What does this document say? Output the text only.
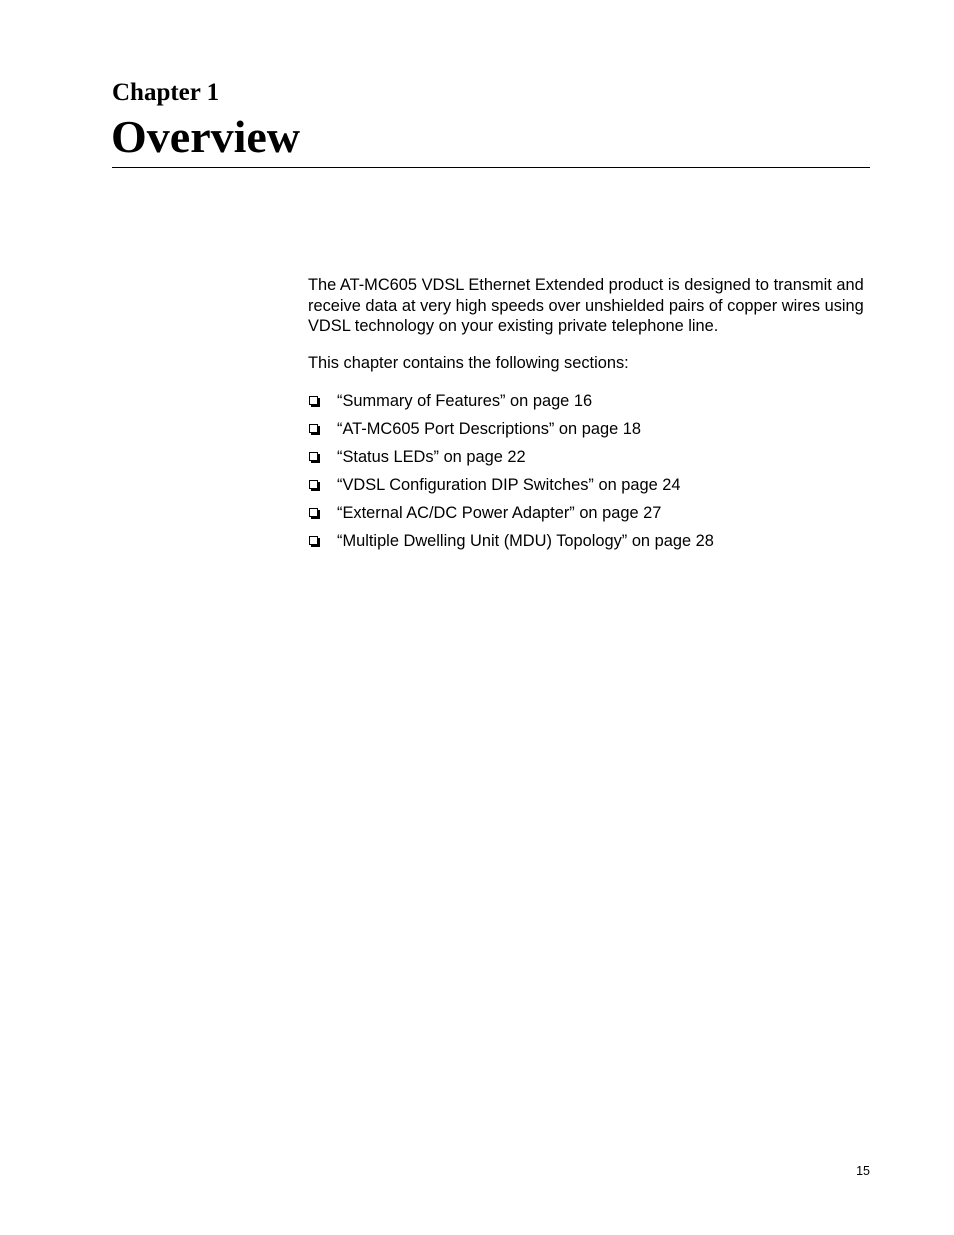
Chapter 1
Overview

The AT-MC605 VDSL Ethernet Extended product is designed to transmit and receive data at very high speeds over unshielded pairs of copper wires using VDSL technology on your existing private telephone line.

This chapter contains the following sections:

“Summary of Features” on page 16
“AT-MC605 Port Descriptions” on page 18
“Status LEDs” on page 22
“VDSL Configuration DIP Switches” on page 24
“External AC/DC Power Adapter” on page 27
“Multiple Dwelling Unit (MDU) Topology” on page 28
15
